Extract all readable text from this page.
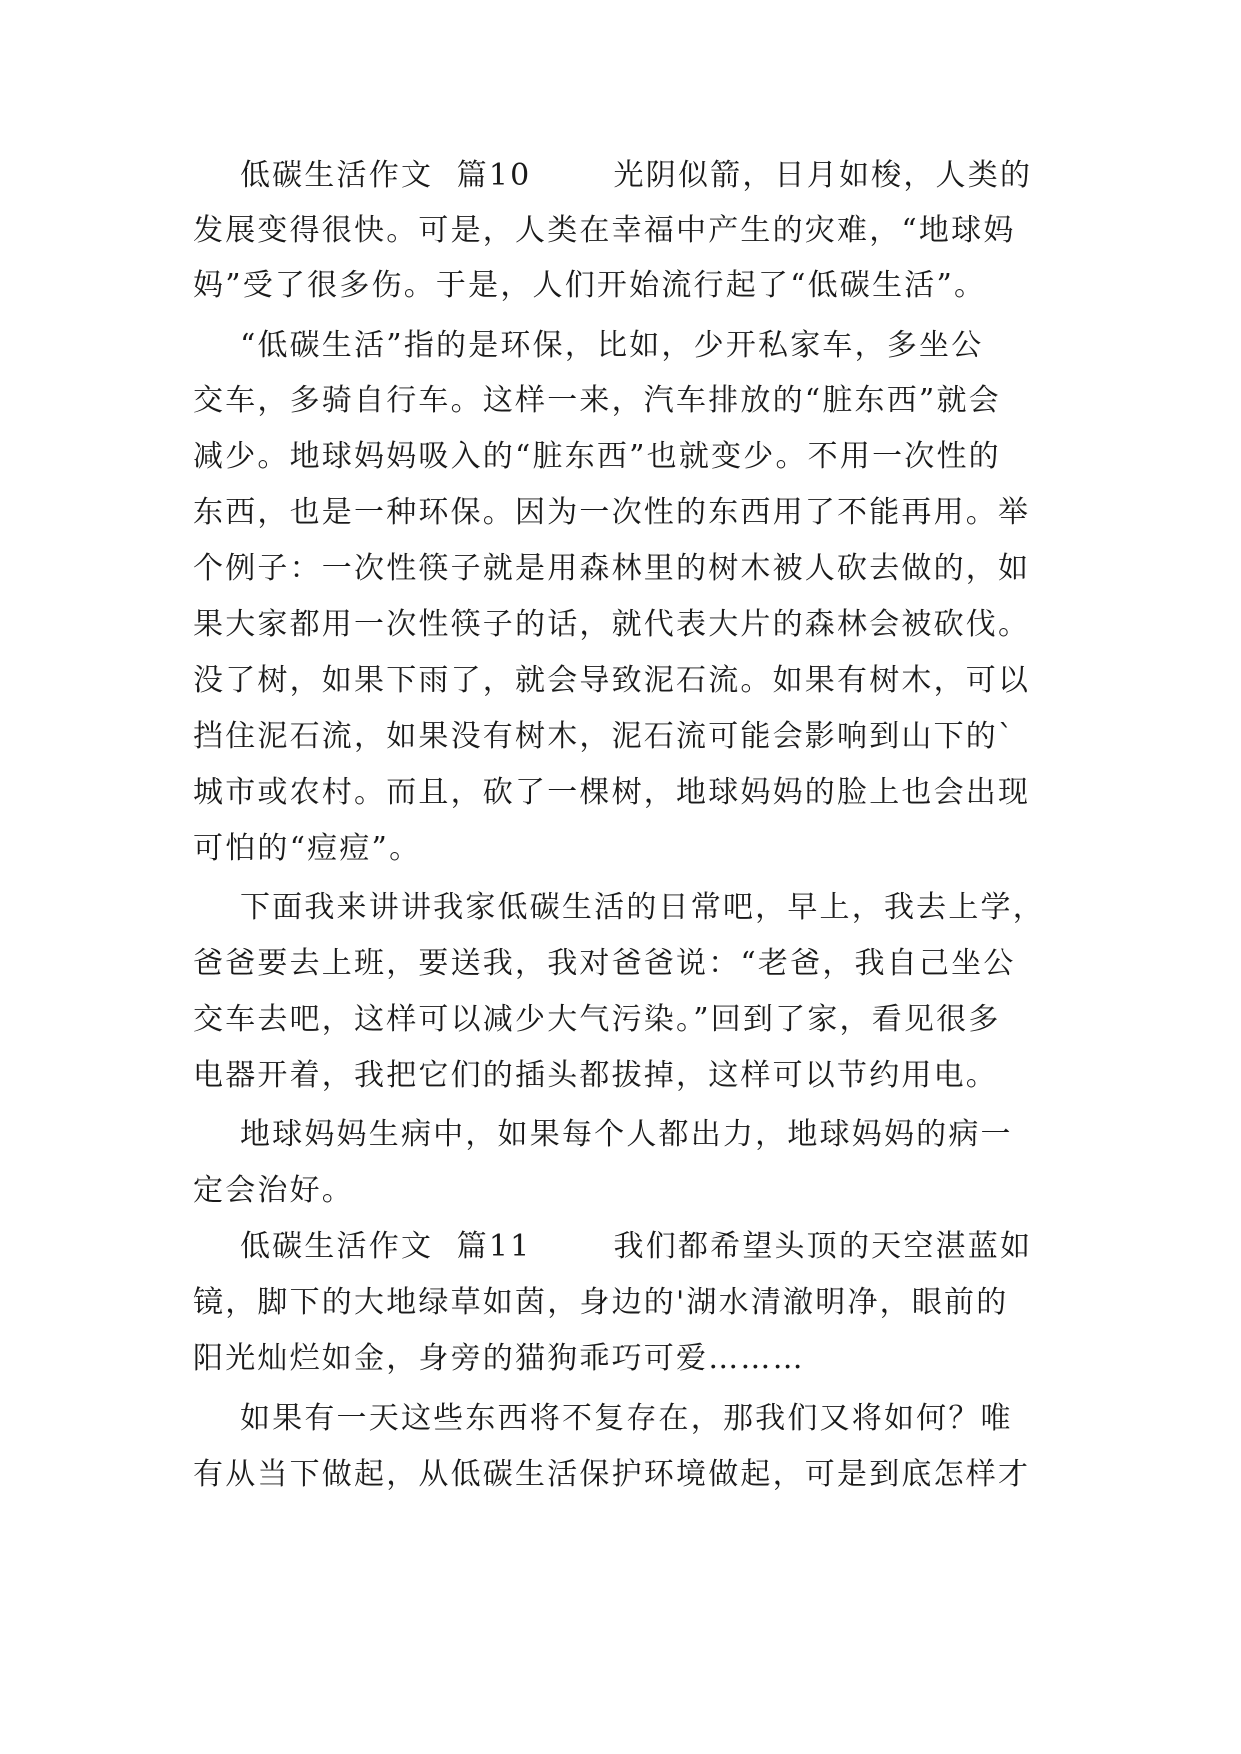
低碳生活作文  篇10       光阴似箭，日月如梭，人类的
发展变得很快。可是，人类在幸福中产生的灾难，“地球妈
妈”受了很多伤。于是，人们开始流行起了“低碳生活”。
“低碳生活”指的是环保，比如，少开私家车，多坐公
交车，多骑自行车。这样一来，汽车排放的“脏东西”就会
减少。地球妈妈吸入的“脏东西”也就变少。不用一次性的
东西，也是一种环保。因为一次性的东西用了不能再用。举
个例子：一次性筷子就是用森林里的树木被人砍去做的，如
果大家都用一次性筷子的话，就代表大片的森林会被砍伐。
没了树，如果下雨了，就会导致泥石流。如果有树木，可以
挡住泥石流，如果没有树木，泥石流可能会影响到山下的`
城市或农村。而且，砍了一棵树，地球妈妈的脸上也会出现
可怕的“痘痘”。
下面我来讲讲我家低碳生活的日常吧，早上，我去上学，
爸爸要去上班，要送我，我对爸爸说：“老爸，我自己坐公
交车去吧，这样可以减少大气污染。”回到了家，看见很多
电器开着，我把它们的插头都拔掉，这样可以节约用电。
地球妈妈生病中，如果每个人都出力，地球妈妈的病一
定会治好。
低碳生活作文  篇11       我们都希望头顶的天空湛蓝如
镜，脚下的大地绿草如茵，身边的'湖水清澈明净，眼前的
阳光灿烂如金，身旁的猫狗乖巧可爱………
如果有一天这些东西将不复存在，那我们又将如何？唯
有从当下做起，从低碳生活保护环境做起，可是到底怎样才
